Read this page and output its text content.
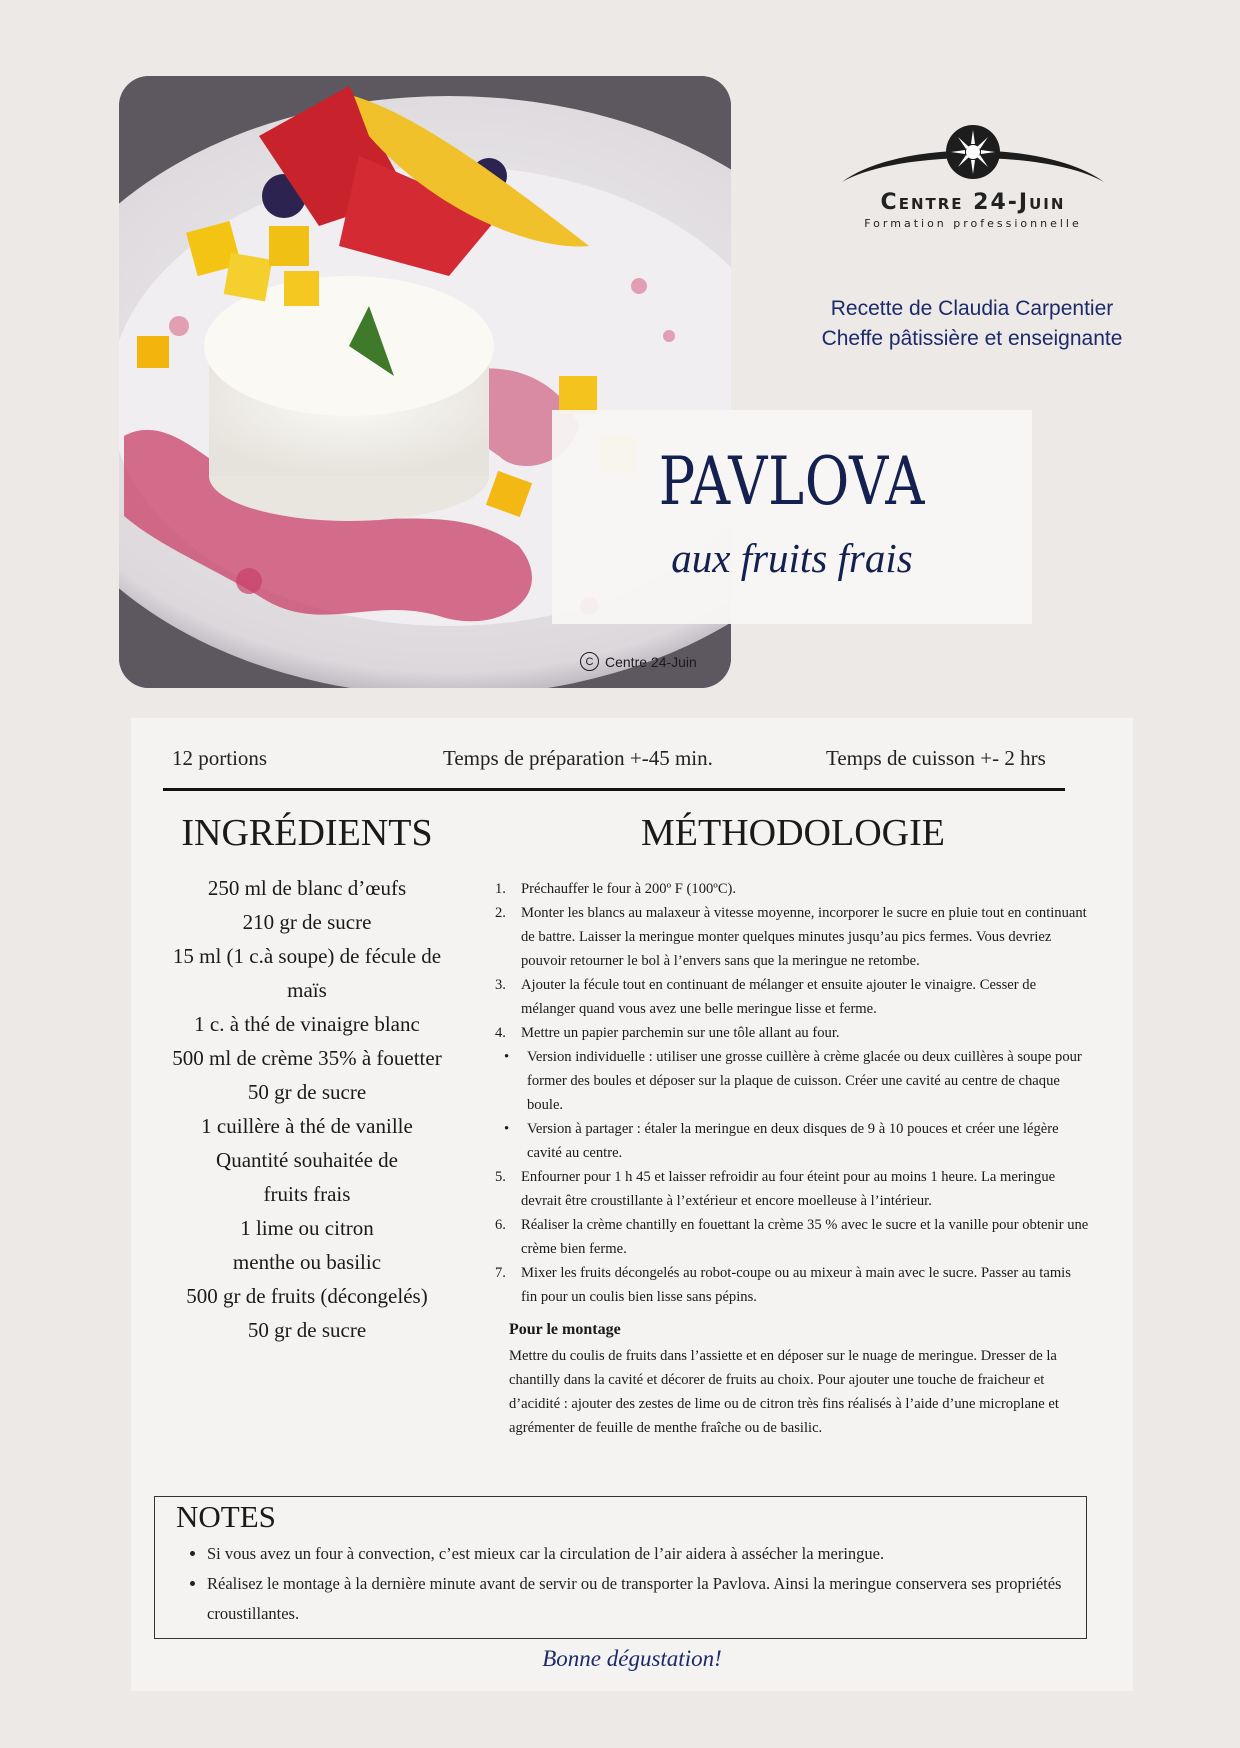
C Centre 24-Juin
Centre 24-Juin
Formation professionnelle
Recette de Claudia Carpentier
Cheffe pâtissière et enseignante
PAVLOVA
aux fruits frais
12 portions	Temps de préparation +-45 min.	Temps de cuisson +- 2 hrs
INGRÉDIENTS
250 ml de blanc d’œufs
210 gr de sucre
15 ml (1 c.à soupe) de fécule de
maïs
1 c. à thé de vinaigre blanc
500 ml de crème 35% à fouetter
50 gr de sucre
1 cuillère à thé de vanille
Quantité souhaitée de
fruits frais
1 lime ou citron
menthe ou basilic
500 gr de fruits (décongelés)
50 gr de sucre
MÉTHODOLOGIE
1. Préchauffer le four à 200º F (100ºC).
2. Monter les blancs au malaxeur à vitesse moyenne, incorporer le sucre en pluie tout en continuant de battre. Laisser la meringue monter quelques minutes jusqu’au pics fermes. Vous devriez pouvoir retourner le bol à l’envers sans que la meringue ne retombe.
3. Ajouter la fécule tout en continuant de mélanger et ensuite ajouter le vinaigre. Cesser de mélanger quand vous avez une belle meringue lisse et ferme.
4. Mettre un papier parchemin sur une tôle allant au four.
• Version individuelle : utiliser une grosse cuillère à crème glacée ou deux cuillères à soupe pour former des boules et déposer sur la plaque de cuisson. Créer une cavité au centre de chaque boule.
• Version à partager : étaler la meringue en deux disques de 9 à 10 pouces et créer une légère cavité au centre.
5. Enfourner pour 1 h 45 et laisser refroidir au four éteint pour au moins 1 heure. La meringue devrait être croustillante à l’extérieur et encore moelleuse à l’intérieur.
6. Réaliser la crème chantilly en fouettant la crème 35 % avec le sucre et la vanille pour obtenir une crème bien ferme.
7. Mixer les fruits décongelés au robot-coupe ou au mixeur à main avec le sucre. Passer au tamis fin pour un coulis bien lisse sans pépins.
Pour le montage
Mettre du coulis de fruits dans l’assiette et en déposer sur le nuage de meringue. Dresser de la chantilly dans la cavité et décorer de fruits au choix. Pour ajouter une touche de fraicheur et d’acidité : ajouter des zestes de lime ou de citron très fins réalisés à l’aide d’une microplane et agrémenter de feuille de menthe fraîche ou de basilic.
NOTES
• Si vous avez un four à convection, c’est mieux car la circulation de l’air aidera à assécher la meringue.
• Réalisez le montage à la dernière minute avant de servir ou de transporter la Pavlova. Ainsi la meringue conservera ses propriétés croustillantes.
Bonne dégustation!
